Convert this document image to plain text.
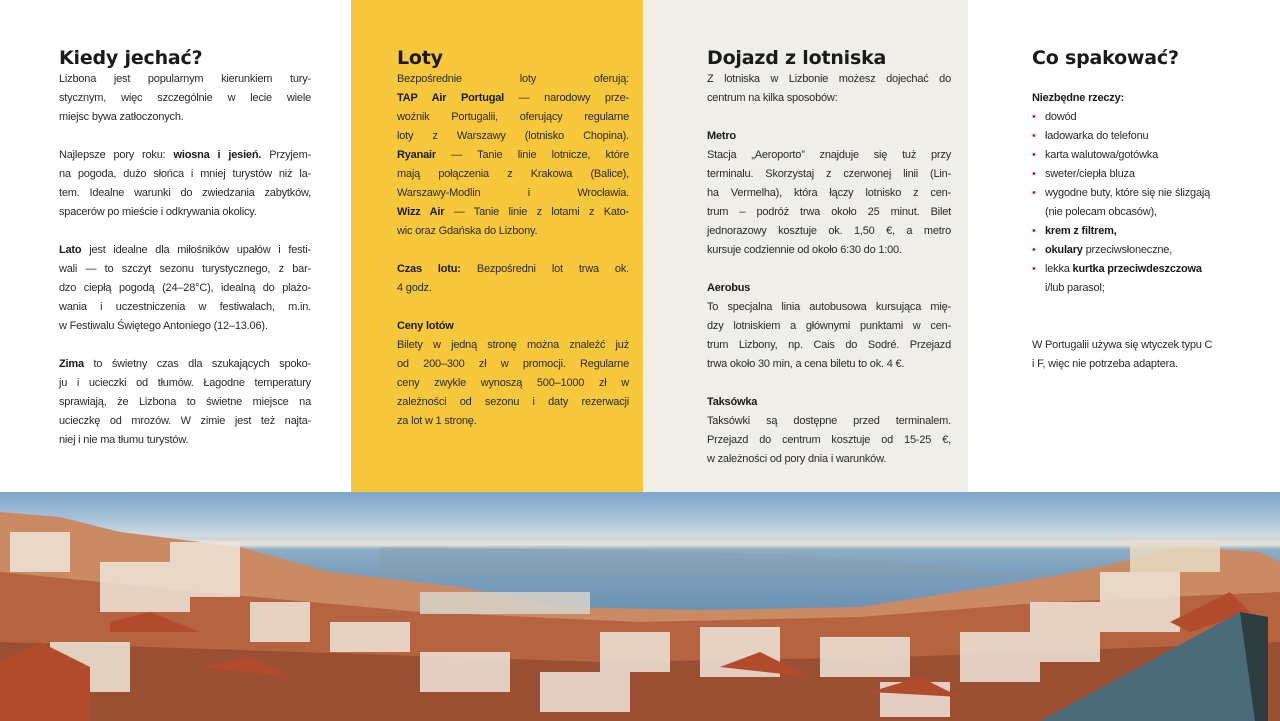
Kiedy jechać?
Lizbona jest popularnym kierunkiem tury-
stycznym, więc szczególnie w lecie wiele
miejsc bywa zatłoczonych.

Najlepsze pory roku: wiosna i jesień. Przyjem-
na pogoda, dużo słońca i mniej turystów niż la-
tem. Idealne warunki do zwiedzania zabytków,
spacerów po mieście i odkrywania okolicy.

Lato jest idealne dla miłośników upałów i festi-
wali — to szczyt sezonu turystycznego, z bar-
dzo ciepłą pogodą (24–28°C), idealną do plażo-
wania i uczestniczenia w festiwalach, m.in.
w Festiwalu Świętego Antoniego (12–13.06).

Zima to świetny czas dla szukających spoko-
ju i ucieczki od tłumów. Łagodne temperatury
sprawiają, że Lizbona to świetne miejsce na
ucieczkę od mrozów. W zimie jest też najta-
niej i nie ma tłumu turystów.
Loty
Bezpośrednie loty oferują:
TAP Air Portugal — narodowy prze-
woźnik Portugalii, oferujący regularne
loty z Warszawy (lotnisko Chopina).
Ryanair — Tanie linie lotnicze, które
mają połączenia z Krakowa (Balice),
Warszawy-Modlin i Wrocławia.
Wizz Air — Tanie linie z lotami z Kato-
wic oraz Gdańska do Lizbony.

Czas lotu: Bezpośredni lot trwa ok.
4 godz.

Ceny lotów
Bilety w jedną stronę można znaleźć już
od 200–300 zł w promocji. Regularne
ceny zwykle wynoszą 500–1000 zł w
zależności od sezonu i daty rezerwacji
za lot w 1 stronę.
Dojazd z lotniska
Z lotniska w Lizbonie możesz dojechać do
centrum na kilka sposobów:

Metro
Stacja „Aeroporto” znajduje się tuż przy
terminalu. Skorzystaj z czerwonej linii (Lin-
ha Vermelha), która łączy lotnisko z cen-
trum – podróż trwa około 25 minut. Bilet
jednorazowy kosztuje ok. 1,50 €, a metro
kursuje codziennie od około 6:30 do 1:00.

Aerobus
To specjalna linia autobusowa kursująca mię-
dzy lotniskiem a głównymi punktami w cen-
trum Lizbony, np. Cais do Sodré. Przejazd
trwa około 30 min, a cena biletu to ok. 4 €.

Taksówka
Taksówki są dostępne przed terminalem.
Przejazd do centrum kosztuje od 15-25 €,
w zależności od pory dnia i warunków.
Co spakować?

Niezbędne rzeczy:
• dowód
• ładowarka do telefonu
• karta walutowa/gotówka
• sweter/ciepła bluza
• wygodne buty, które się nie ślizgają
(nie polecam obcasów),
• krem z filtrem,
• okulary przeciwsłoneczne,
• lekka kurtka przeciwdeszczowa
i/lub parasol;

W Portugalii używa się wtyczek typu C
i F, więc nie potrzeba adaptera.
